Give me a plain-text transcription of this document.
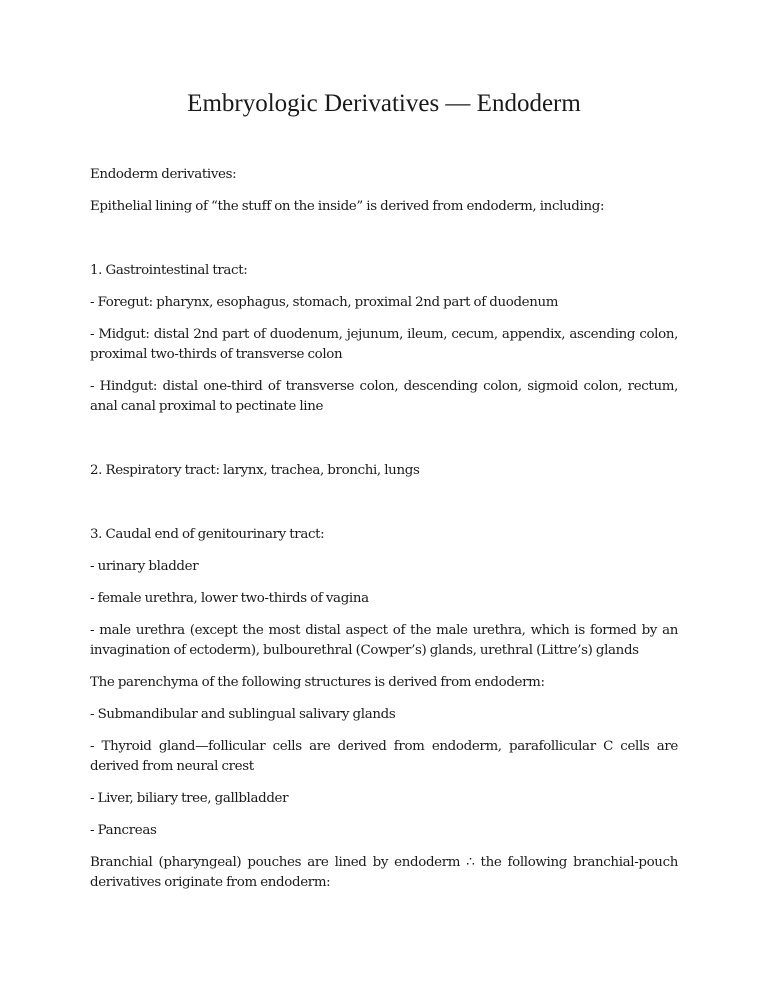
Embryologic Derivatives — Endoderm

Endoderm derivatives:

Epithelial lining of “the stuff on the inside” is derived from endoderm, including:

1. Gastrointestinal tract:

- Foregut: pharynx, esophagus, stomach, proximal 2nd part of duodenum

- Midgut: distal 2nd part of duodenum, jejunum, ileum, cecum, appendix, ascending colon, proximal two-thirds of transverse colon

- Hindgut: distal one-third of transverse colon, descending colon, sigmoid colon, rectum, anal canal proximal to pectinate line

2. Respiratory tract: larynx, trachea, bronchi, lungs

3. Caudal end of genitourinary tract:

- urinary bladder

- female urethra, lower two-thirds of vagina

- male urethra (except the most distal aspect of the male urethra, which is formed by an invagination of ectoderm), bulbourethral (Cowper’s) glands, urethral (Littre’s) glands

The parenchyma of the following structures is derived from endoderm:

- Submandibular and sublingual salivary glands

- Thyroid gland—follicular cells are derived from endoderm, parafollicular C cells are derived from neural crest

- Liver, biliary tree, gallbladder

- Pancreas

Branchial (pharyngeal) pouches are lined by endoderm ∴ the following branchial-pouch derivatives originate from endoderm:
